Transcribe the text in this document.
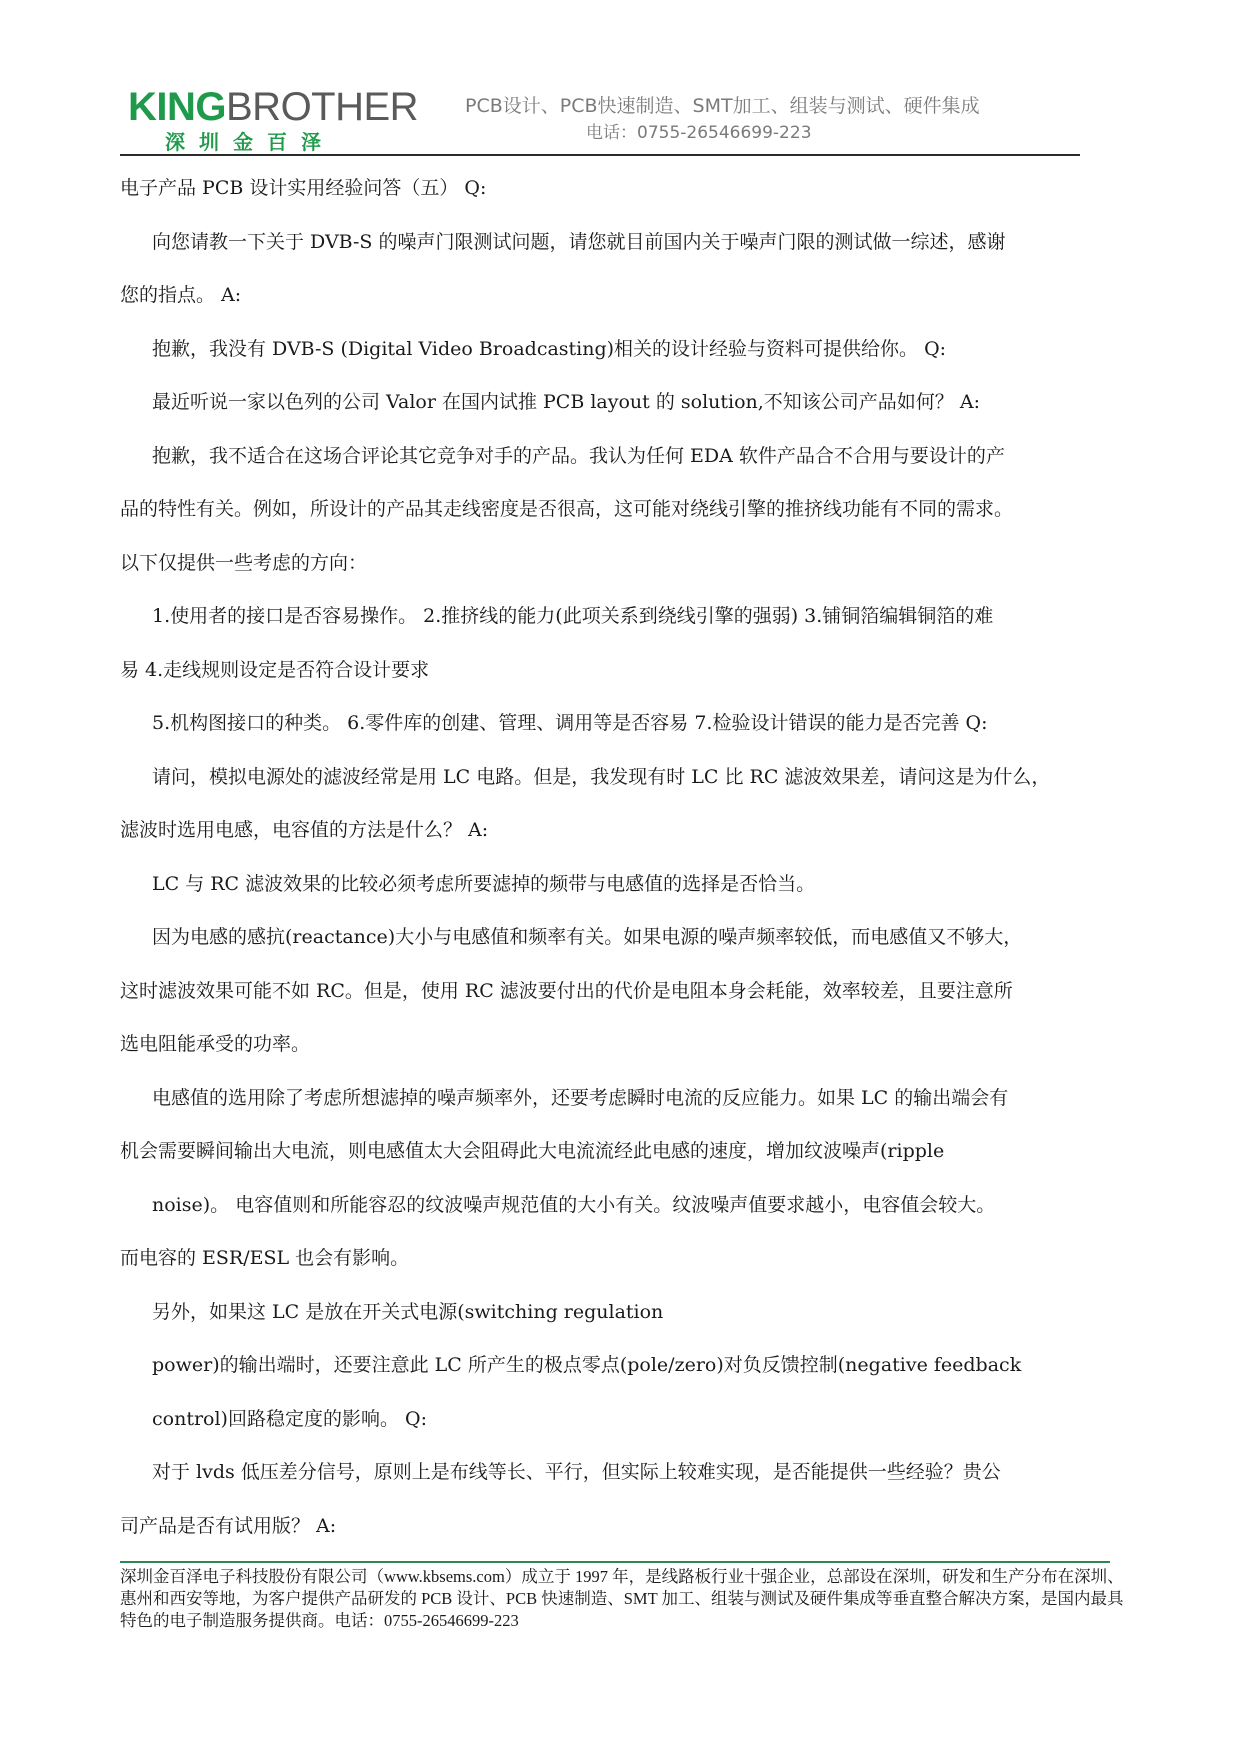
KINGBROTHER
深圳金百泽
PCB设计、PCB快速制造、SMT加工、组装与测试、硬件集成
电话：0755-26546699-223

电子产品 PCB 设计实用经验问答（五） Q:

向您请教一下关于 DVB-S 的噪声门限测试问题，请您就目前国内关于噪声门限的测试做一综述，感谢

您的指点。 A:

抱歉，我没有 DVB-S (Digital Video Broadcasting)相关的设计经验与资料可提供给你。 Q:

最近听说一家以色列的公司 Valor 在国内试推 PCB layout 的 solution,不知该公司产品如何？ A:

抱歉，我不适合在这场合评论其它竞争对手的产品。我认为任何 EDA 软件产品合不合用与要设计的产

品的特性有关。例如，所设计的产品其走线密度是否很高，这可能对绕线引擎的推挤线功能有不同的需求。

以下仅提供一些考虑的方向：

1.使用者的接口是否容易操作。 2.推挤线的能力(此项关系到绕线引擎的强弱) 3.铺铜箔编辑铜箔的难

易 4.走线规则设定是否符合设计要求

5.机构图接口的种类。 6.零件库的创建、管理、调用等是否容易 7.检验设计错误的能力是否完善 Q:

请问，模拟电源处的滤波经常是用 LC 电路。但是，我发现有时 LC 比 RC 滤波效果差，请问这是为什么，

滤波时选用电感，电容值的方法是什么？ A:

LC 与 RC 滤波效果的比较必须考虑所要滤掉的频带与电感值的选择是否恰当。

因为电感的感抗(reactance)大小与电感值和频率有关。如果电源的噪声频率较低，而电感值又不够大，

这时滤波效果可能不如 RC。但是，使用 RC 滤波要付出的代价是电阻本身会耗能，效率较差，且要注意所

选电阻能承受的功率。

电感值的选用除了考虑所想滤掉的噪声频率外，还要考虑瞬时电流的反应能力。如果 LC 的输出端会有

机会需要瞬间输出大电流，则电感值太大会阻碍此大电流流经此电感的速度，增加纹波噪声(ripple

noise)。 电容值则和所能容忍的纹波噪声规范值的大小有关。纹波噪声值要求越小，电容值会较大。

而电容的 ESR/ESL 也会有影响。

另外，如果这 LC 是放在开关式电源(switching regulation

power)的输出端时，还要注意此 LC 所产生的极点零点(pole/zero)对负反馈控制(negative feedback

control)回路稳定度的影响。 Q:

对于 lvds 低压差分信号，原则上是布线等长、平行，但实际上较难实现，是否能提供一些经验？贵公

司产品是否有试用版？ A:

深圳金百泽电子科技股份有限公司（www.kbsems.com）成立于 1997 年，是线路板行业十强企业，总部设在深圳，研发和生产分布在深圳、惠州和西安等地，为客户提供产品研发的 PCB 设计、PCB 快速制造、SMT 加工、组装与测试及硬件集成等垂直整合解决方案，是国内最具特色的电子制造服务提供商。电话：0755-26546699-223
